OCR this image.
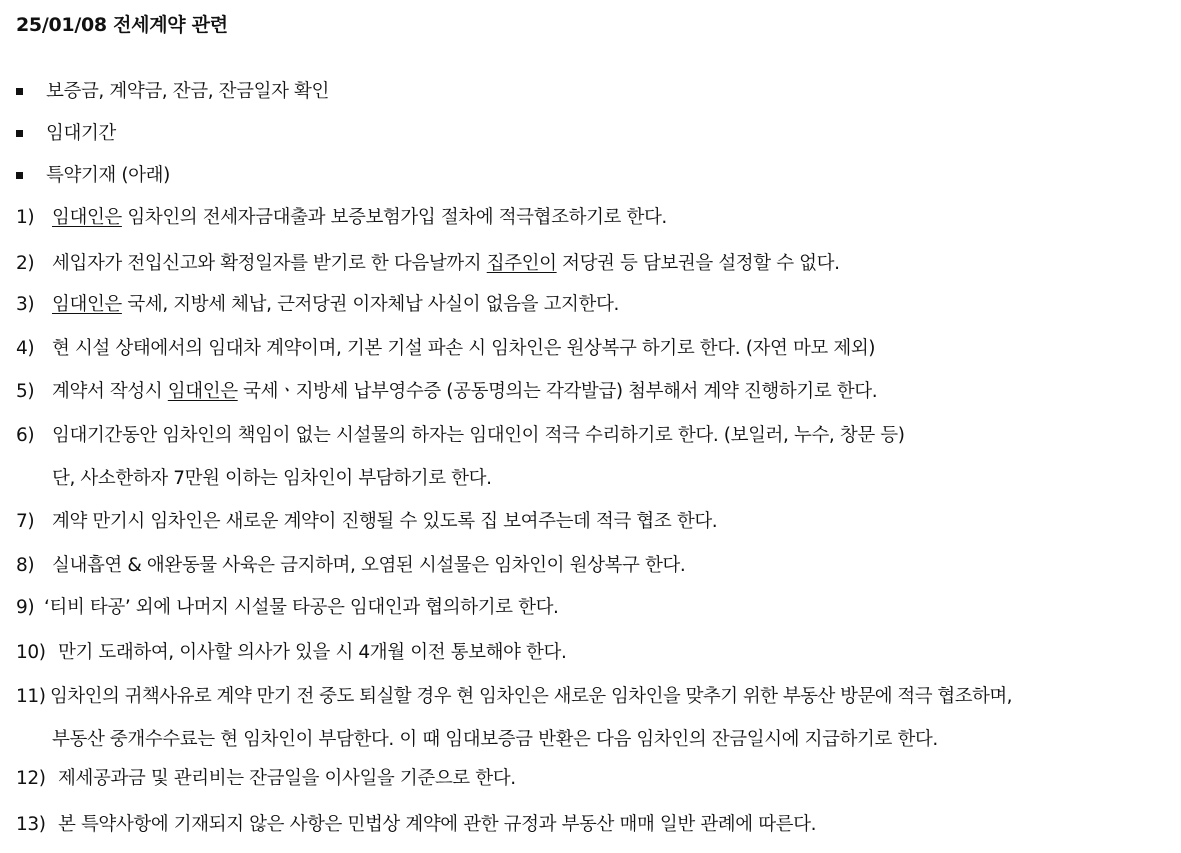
25/01/08 전세계약 관련
보증금, 계약금, 잔금, 잔금일자 확인
임대기간
특약기재 (아래)
1) 임대인은 임차인의 전세자금대출과 보증보험가입 절차에 적극협조하기로 한다.
2) 세입자가 전입신고와 확정일자를 받기로 한 다음날까지 집주인이 저당권 등 담보권을 설정할 수 없다.
3) 임대인은 국세, 지방세 체납, 근저당권 이자체납 사실이 없음을 고지한다.
4) 현 시설 상태에서의 임대차 계약이며, 기본 기설 파손 시 임차인은 원상복구 하기로 한다. (자연 마모 제외)
5) 계약서 작성시 임대인은 국세ㆍ지방세 납부영수증 (공동명의는 각각발급) 첨부해서 계약 진행하기로 한다.
6) 임대기간동안 임차인의 책임이 없는 시설물의 하자는 임대인이 적극 수리하기로 한다. (보일러, 누수, 창문 등)
단, 사소한하자 7만원 이하는 임차인이 부담하기로 한다.
7) 계약 만기시 임차인은 새로운 계약이 진행될 수 있도록 집 보여주는데 적극 협조 한다.
8) 실내흡연 & 애완동물 사육은 금지하며, 오염된 시설물은 임차인이 원상복구 한다.
9) ‘티비 타공’ 외에 나머지 시설물 타공은 임대인과 협의하기로 한다.
10) 만기 도래하여, 이사할 의사가 있을 시 4개월 이전 통보해야 한다.
11) 임차인의 귀책사유로 계약 만기 전 중도 퇴실할 경우 현 임차인은 새로운 임차인을 맞추기 위한 부동산 방문에 적극 협조하며,
부동산 중개수수료는 현 임차인이 부담한다. 이 때 임대보증금 반환은 다음 임차인의 잔금일시에 지급하기로 한다.
12) 제세공과금 및 관리비는 잔금일을 이사일을 기준으로 한다.
13) 본 특약사항에 기재되지 않은 사항은 민법상 계약에 관한 규정과 부동산 매매 일반 관례에 따른다.
